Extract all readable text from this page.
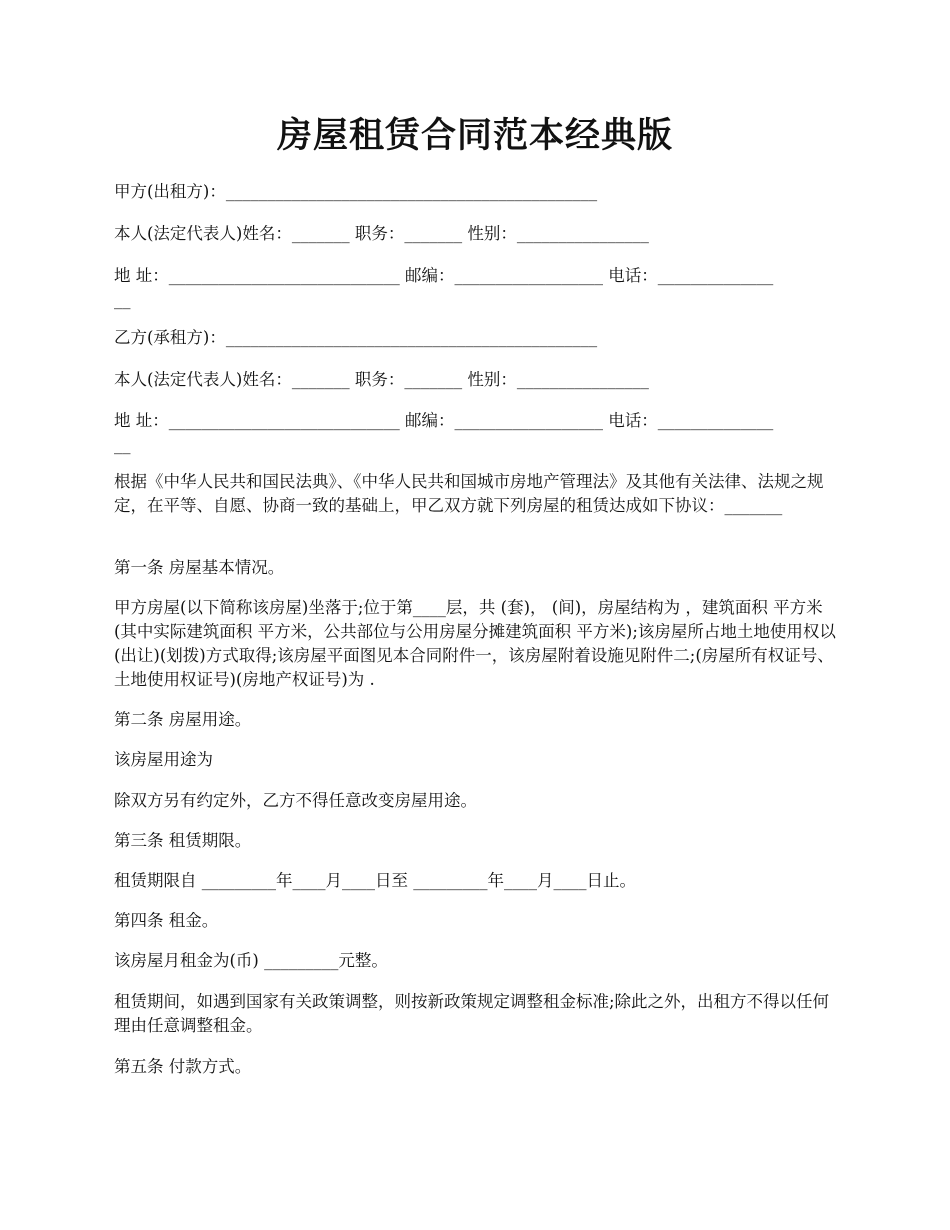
房屋租赁合同范本经典版
甲方(出租方)：_____________________________________________
本人(法定代表人)姓名：_______ 职务：_______ 性别：________________
地 址：____________________________ 邮编：__________________ 电话：______________
__
乙方(承租方)：_____________________________________________
本人(法定代表人)姓名：_______ 职务：_______ 性别：________________
地 址：____________________________ 邮编：__________________ 电话：______________
__
根据《中华人民共和国民法典》、《中华人民共和国城市房地产管理法》及其他有关法律、法规之规定，在平等、自愿、协商一致的基础上，甲乙双方就下列房屋的租赁达成如下协议：_______
第一条 房屋基本情况。
甲方房屋(以下简称该房屋)坐落于;位于第____层，共 (套)， (间)，房屋结构为 ，建筑面积 平方米(其中实际建筑面积 平方米，公共部位与公用房屋分摊建筑面积 平方米);该房屋所占地土地使用权以(出让)(划拨)方式取得;该房屋平面图见本合同附件一，该房屋附着设施见附件二;(房屋所有权证号、土地使用权证号)(房地产权证号)为 .
第二条 房屋用途。
该房屋用途为
除双方另有约定外，乙方不得任意改变房屋用途。
第三条 租赁期限。
租赁期限自 _________年____月____日至 _________年____月____日止。
第四条 租金。
该房屋月租金为(币) _________元整。
租赁期间，如遇到国家有关政策调整，则按新政策规定调整租金标准;除此之外，出租方不得以任何理由任意调整租金。
第五条 付款方式。
